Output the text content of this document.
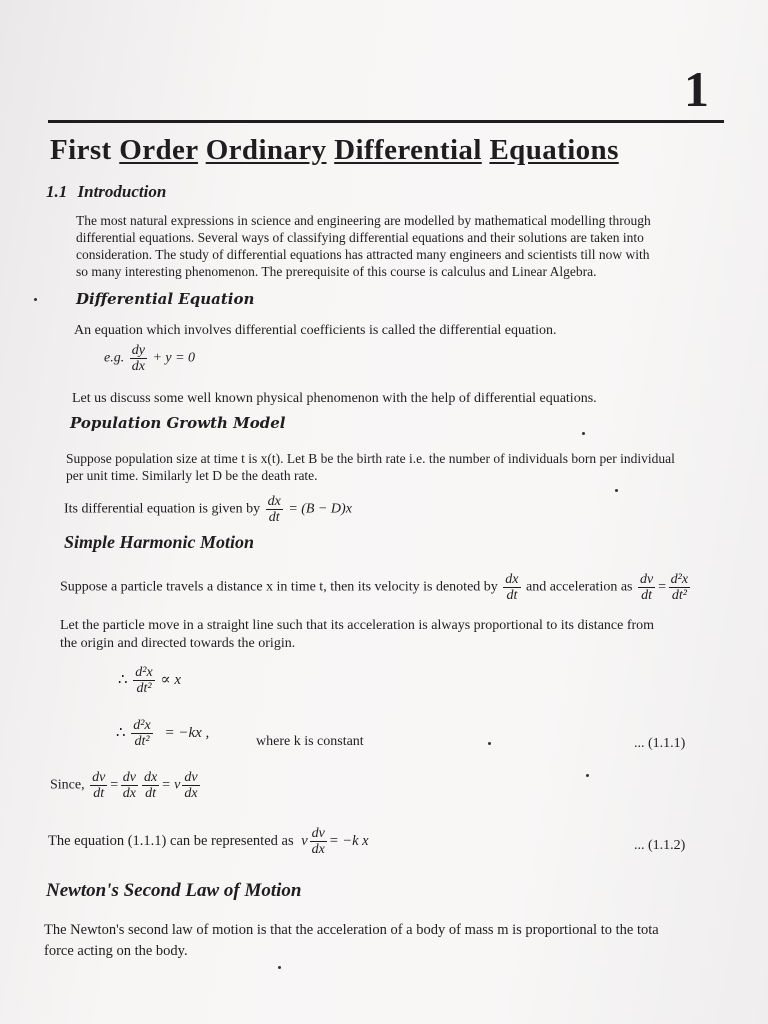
1
First Order Ordinary Differential Equations
1.1 Introduction
The most natural expressions in science and engineering are modelled by mathematical modelling through
differential equations. Several ways of classifying differential equations and their solutions are taken into
consideration. The study of differential equations has attracted many engineers and scientists till now with
so many interesting phenomenon. The prerequisite of this course is calculus and Linear Algebra.
Differential Equation
An equation which involves differential coefficients is called the differential equation.
e.g. $\frac{dy}{dx} + y = 0$
Let us discuss some well known physical phenomenon with the help of differential equations.
Population Growth Model
Suppose population size at time t is x(t). Let B be the birth rate i.e. the number of individuals born per individual
per unit time. Similarly let D be the death rate.
Its differential equation is given by $\frac{dx}{dt} = (B - D)x$
Simple Harmonic Motion
Suppose a particle travels a distance x in time t, then its velocity is denoted by $\frac{dx}{dt}$ and acceleration as $\frac{dv}{dt} = \frac{\text{d²x}}{\text{dt²}}$
Let the particle move in a straight line such that its acceleration is always proportional to its distance from
the origin and directed towards the origin.
∴ $\frac{\text{d²x}}{\text{dt²}} \propto x$
∴ $\frac{\text{d²x}}{\text{dt²}} = -kx$ ,
where k is constant	... (1.1.1)
Since, $\frac{dv}{dt} = \frac{dv}{dx} \frac{dx}{dt} = v \frac{dv}{dx}$
The equation (1.1.1) can be represented as v $\frac{dv}{dx} = -k$ x	... (1.1.2)
Newton's Second Law of Motion
The Newton's second law of motion is that the acceleration of a body of mass m is proportional to the tota
force acting on the body.
